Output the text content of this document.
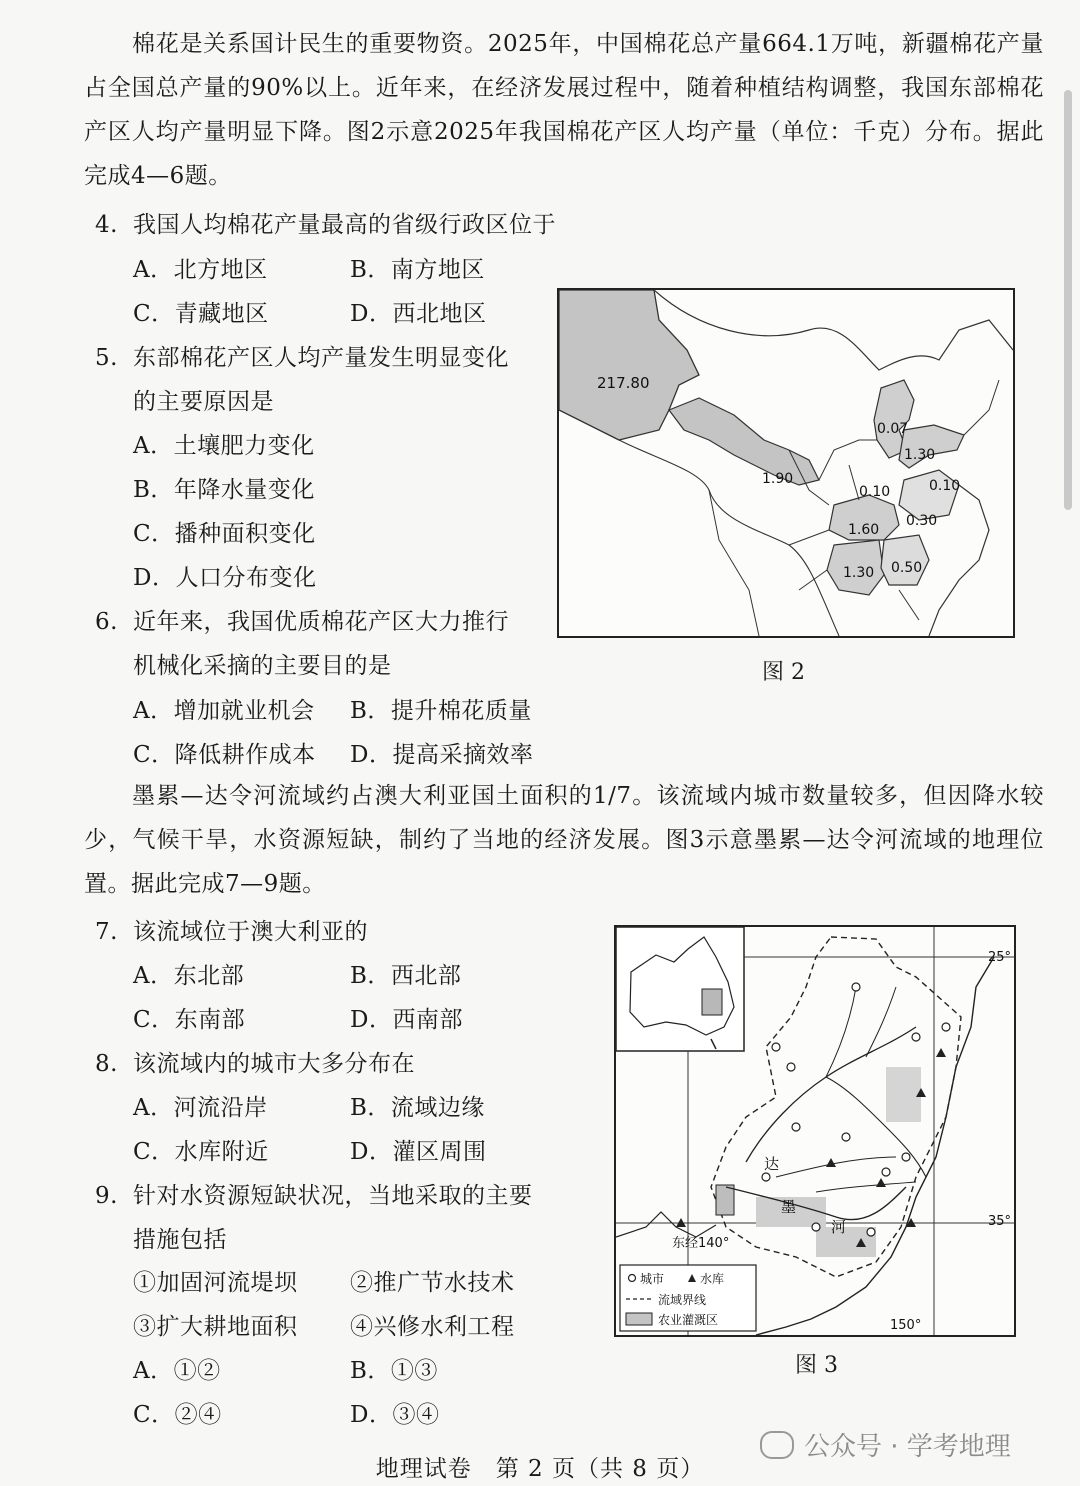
棉花是关系国计民生的重要物资。2025年，中国棉花总产量664.1万吨，新疆棉花产量占全国总产量的90%以上。近年来，在经济发展过程中，随着种植结构调整，我国东部棉花产区人均产量明显下降。图2示意2025年我国棉花产区人均产量（单位：千克）分布。据此完成4—6题。

4. 我国人均棉花产量最高的省级行政区位于
A．北方地区	B．南方地区
C．青藏地区	D．西北地区
5. 东部棉花产区人均产量发生明显变化
的主要原因是
A．土壤肥力变化
B．年降水量变化
C．播种面积变化
D．人口分布变化
6. 近年来，我国优质棉花产区大力推行
机械化采摘的主要目的是
A．增加就业机会 B．提升棉花质量
C．降低耕作成本 D．提高采摘效率
217.80
1.90
0.07
1.30
0.10	0.10
0.30
1.60
1.30 0.50
图 2

墨累—达令河流域约占澳大利亚国土面积的1/7。该流域内城市数量较多，但因降水较少，气候干旱，水资源短缺，制约了当地的经济发展。图3示意墨累—达令河流域的地理位置。据此完成7—9题。

7. 该流域位于澳大利亚的
A．东北部	B．西北部
C．东南部	D．西南部
8. 该流域内的城市大多分布在
A．河流沿岸	B．流域边缘
C．水库附近	D．灌区周围
9. 针对水资源短缺状况，当地采取的主要
措施包括
①加固河流堤坝 ②推广节水技术
③扩大耕地面积 ④兴修水利工程
A．①②	B．①③
C．②④	D．③④
达
河
墨
35°
25°
东经140°
150°
城市	水库
流域界线
农业灌溉区
图 3
公众号 · 学考地理
地理试卷　第 2 页（共 8 页）
